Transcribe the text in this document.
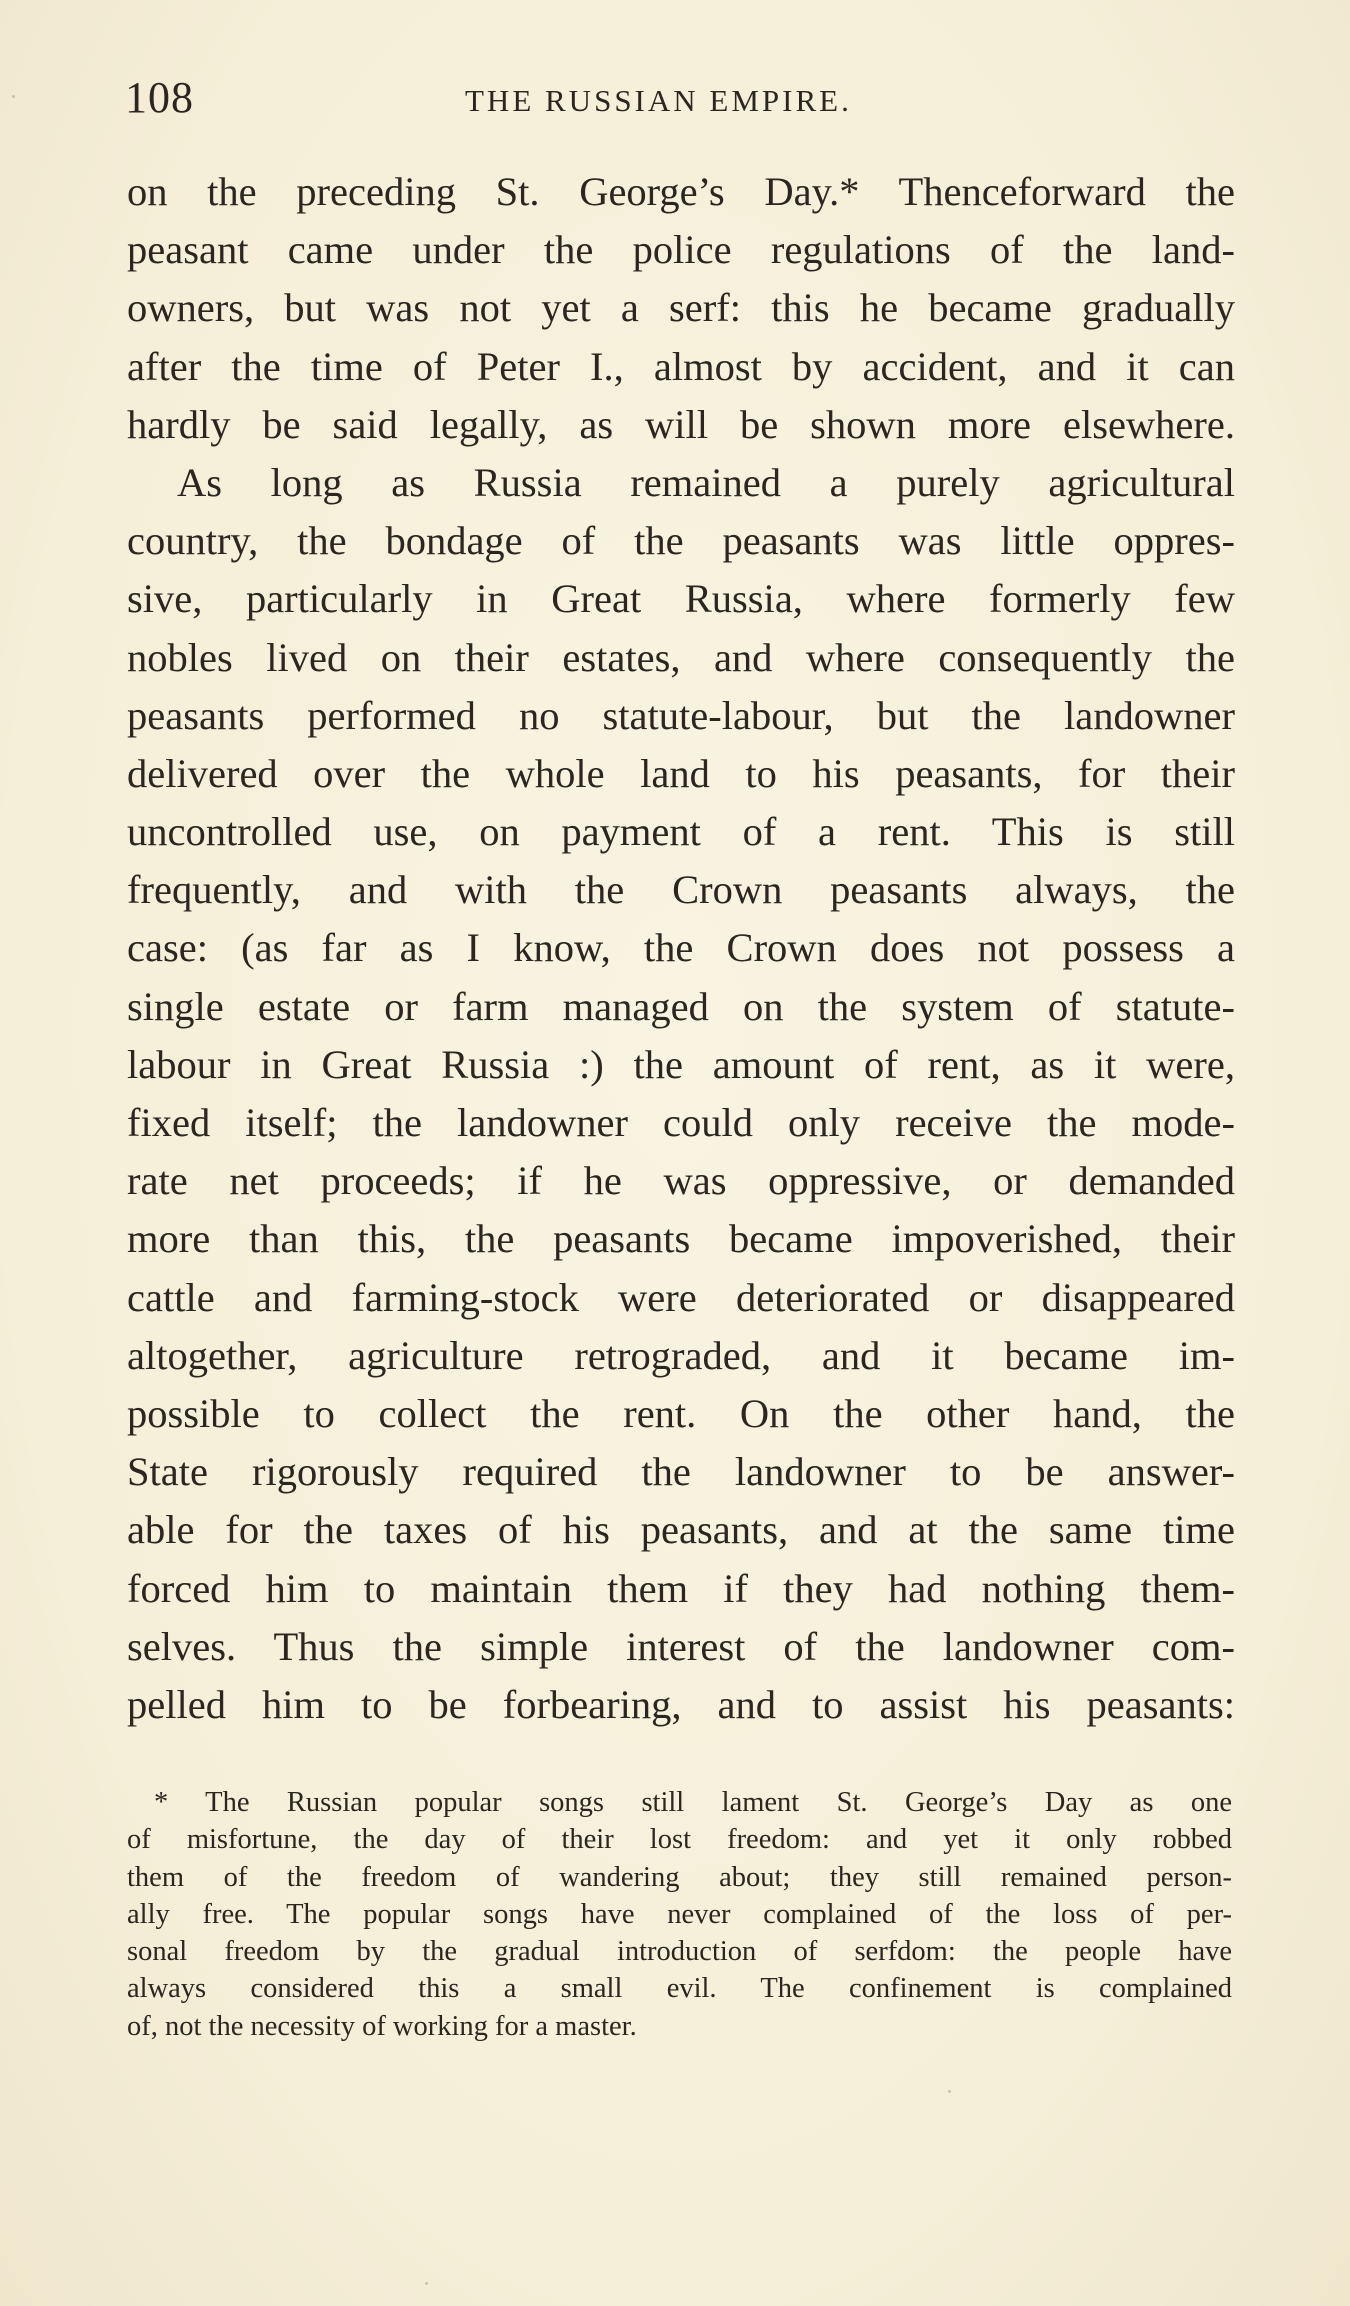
108	THE RUSSIAN EMPIRE.
on the preceding St. George’s Day.* Thenceforward the
peasant came under the police regulations of the land-
owners, but was not yet a serf: this he became gradually
after the time of Peter I., almost by accident, and it can
hardly be said legally, as will be shown more elsewhere.
As long as Russia remained a purely agricultural
country, the bondage of the peasants was little oppres-
sive, particularly in Great Russia, where formerly few
nobles lived on their estates, and where consequently the
peasants performed no statute-labour, but the landowner
delivered over the whole land to his peasants, for their
uncontrolled use, on payment of a rent. This is still
frequently, and with the Crown peasants always, the
case: (as far as I know, the Crown does not possess a
single estate or farm managed on the system of statute-
labour in Great Russia :) the amount of rent, as it were,
fixed itself; the landowner could only receive the mode-
rate net proceeds; if he was oppressive, or demanded
more than this, the peasants became impoverished, their
cattle and farming-stock were deteriorated or disappeared
altogether, agriculture retrograded, and it became im-
possible to collect the rent. On the other hand, the
State rigorously required the landowner to be answer-
able for the taxes of his peasants, and at the same time
forced him to maintain them if they had nothing them-
selves. Thus the simple interest of the landowner com-
pelled him to be forbearing, and to assist his peasants:
* The Russian popular songs still lament St. George’s Day as one
of misfortune, the day of their lost freedom: and yet it only robbed
them of the freedom of wandering about; they still remained person-
ally free. The popular songs have never complained of the loss of per-
sonal freedom by the gradual introduction of serfdom: the people have
always considered this a small evil. The confinement is complained
of, not the necessity of working for a master.
